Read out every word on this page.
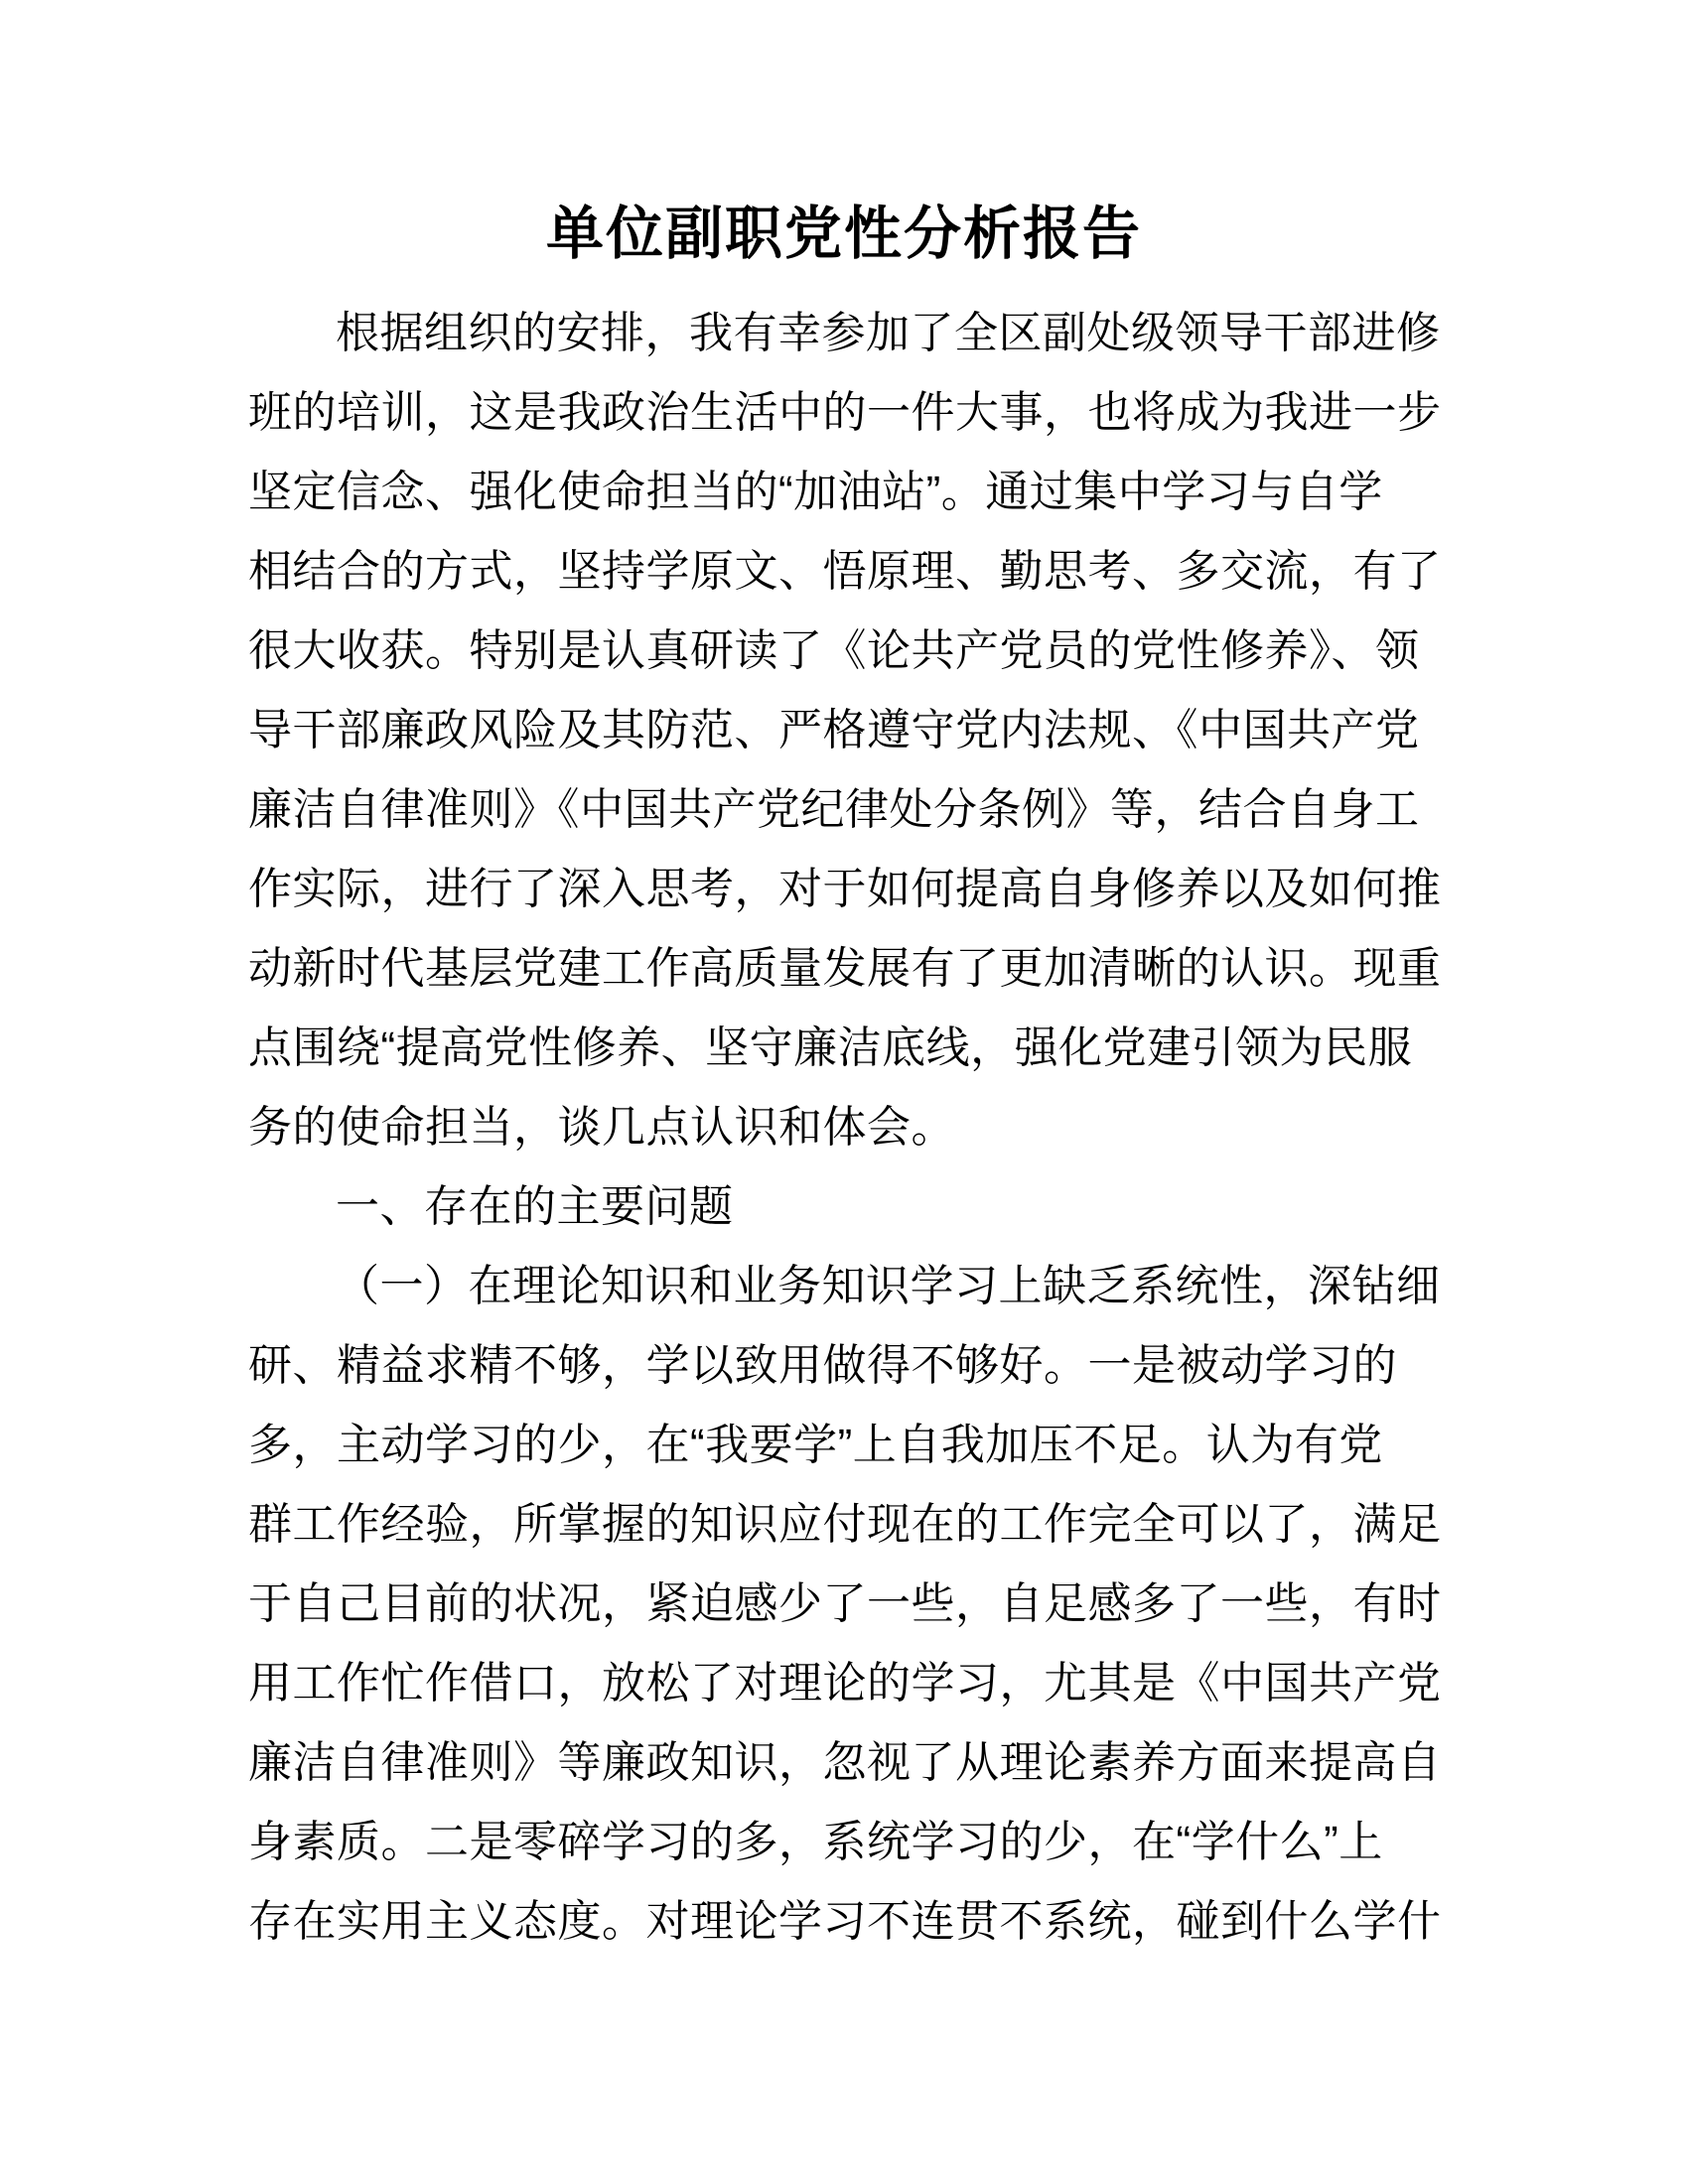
单位副职党性分析报告
根据组织的安排，我有幸参加了全区副处级领导干部进修
班的培训，这是我政治生活中的一件大事，也将成为我进一步
坚定信念、强化使命担当的“加油站”。通过集中学习与自学
相结合的方式，坚持学原文、悟原理、勤思考、多交流，有了
很大收获。特别是认真研读了《论共产党员的党性修养》、领
导干部廉政风险及其防范、严格遵守党内法规、《中国共产党
廉洁自律准则》《中国共产党纪律处分条例》等，结合自身工
作实际，进行了深入思考，对于如何提高自身修养以及如何推
动新时代基层党建工作高质量发展有了更加清晰的认识。现重
点围绕“提高党性修养、坚守廉洁底线，强化党建引领为民服
务的使命担当，谈几点认识和体会。
一、存在的主要问题
（一）在理论知识和业务知识学习上缺乏系统性，深钻细
研、精益求精不够，学以致用做得不够好。一是被动学习的
多，主动学习的少，在“我要学”上自我加压不足。认为有党
群工作经验，所掌握的知识应付现在的工作完全可以了，满足
于自己目前的状况，紧迫感少了一些，自足感多了一些，有时
用工作忙作借口，放松了对理论的学习，尤其是《中国共产党
廉洁自律准则》等廉政知识，忽视了从理论素养方面来提高自
身素质。二是零碎学习的多，系统学习的少，在“学什么”上
存在实用主义态度。对理论学习不连贯不系统，碰到什么学什
